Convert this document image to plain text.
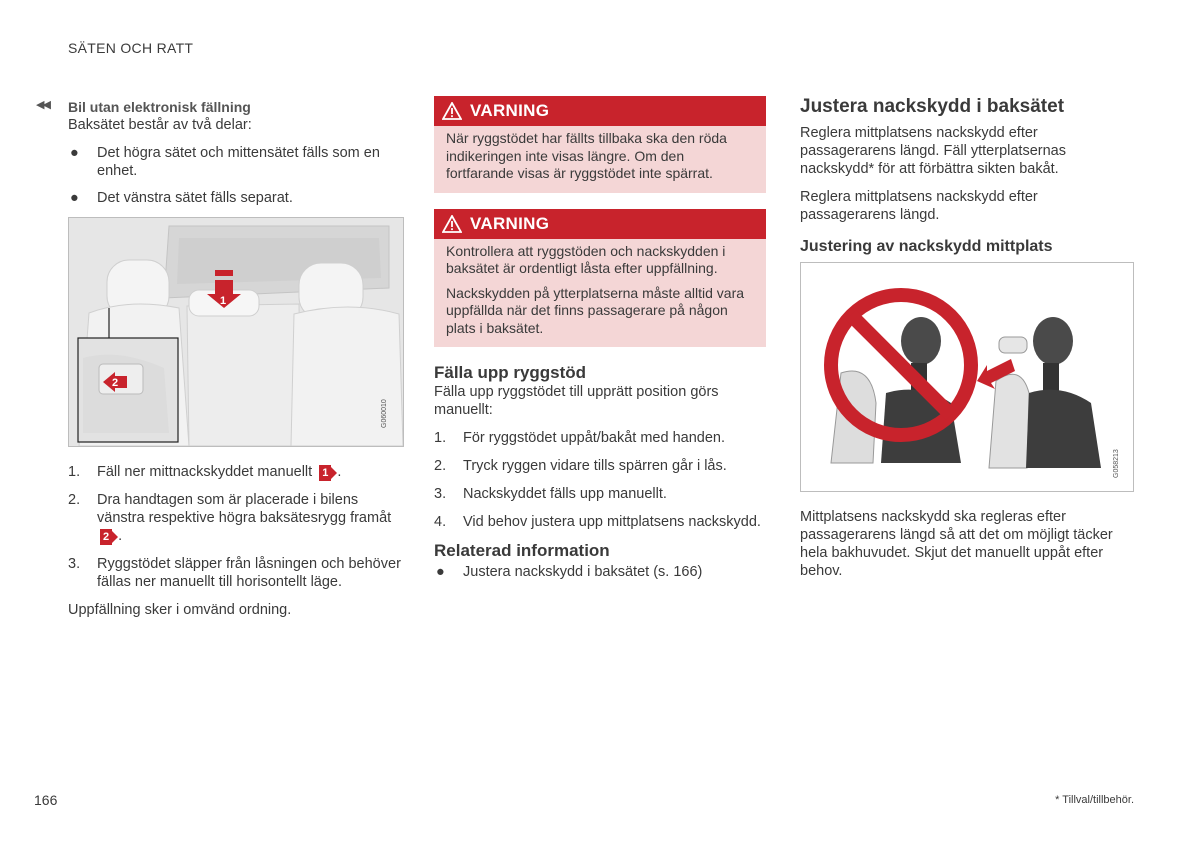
SÄTEN OCH RATT
◀◀ Bil utan elektronisk fällning

Baksätet består av två delar:

● Det högra sätet och mittensätet fälls som en enhet.
● Det vänstra sätet fälls separat.
1
2
G060010
1. Fäll ner mittnackskyddet manuellt 1 .
2. Dra handtagen som är placerade i bilens vänstra respektive högra baksätesrygg framåt 2 .
3. Ryggstödet släpper från låsningen och behöver fällas ner manuellt till horisontellt läge.

Uppfällning sker i omvänd ordning.

VARNING

När ryggstödet har fällts tillbaka ska den röda indikeringen inte visas längre. Om den fortfarande visas är ryggstödet inte spärrat.

VARNING

Kontrollera att ryggstöden och nackskydden i baksätet är ordentligt låsta efter uppfällning.

Nackskydden på ytterplatserna måste alltid vara uppfällda när det finns passagerare på någon plats i baksätet.

Fälla upp ryggstöd

Fälla upp ryggstödet till upprätt position görs manuellt:

1. För ryggstödet uppåt/bakåt med handen.
2. Tryck ryggen vidare tills spärren går i lås.
3. Nackskyddet fälls upp manuellt.
4. Vid behov justera upp mittplatsens nackskydd.
Relaterad information
● Justera nackskydd i baksätet (s. 166)
Justera nackskydd i baksätet

Reglera mittplatsens nackskydd efter passagerarens längd. Fäll ytterplatsernas nackskydd* för att förbättra sikten bakåt.

Reglera mittplatsens nackskydd efter passagerarens längd.

Justering av nackskydd mittplats
G058213

Mittplatsens nackskydd ska regleras efter passagerarens längd så att det om möjligt täcker hela bakhuvudet. Skjut det manuellt uppåt efter behov.

166	* Tillval/tillbehör.
